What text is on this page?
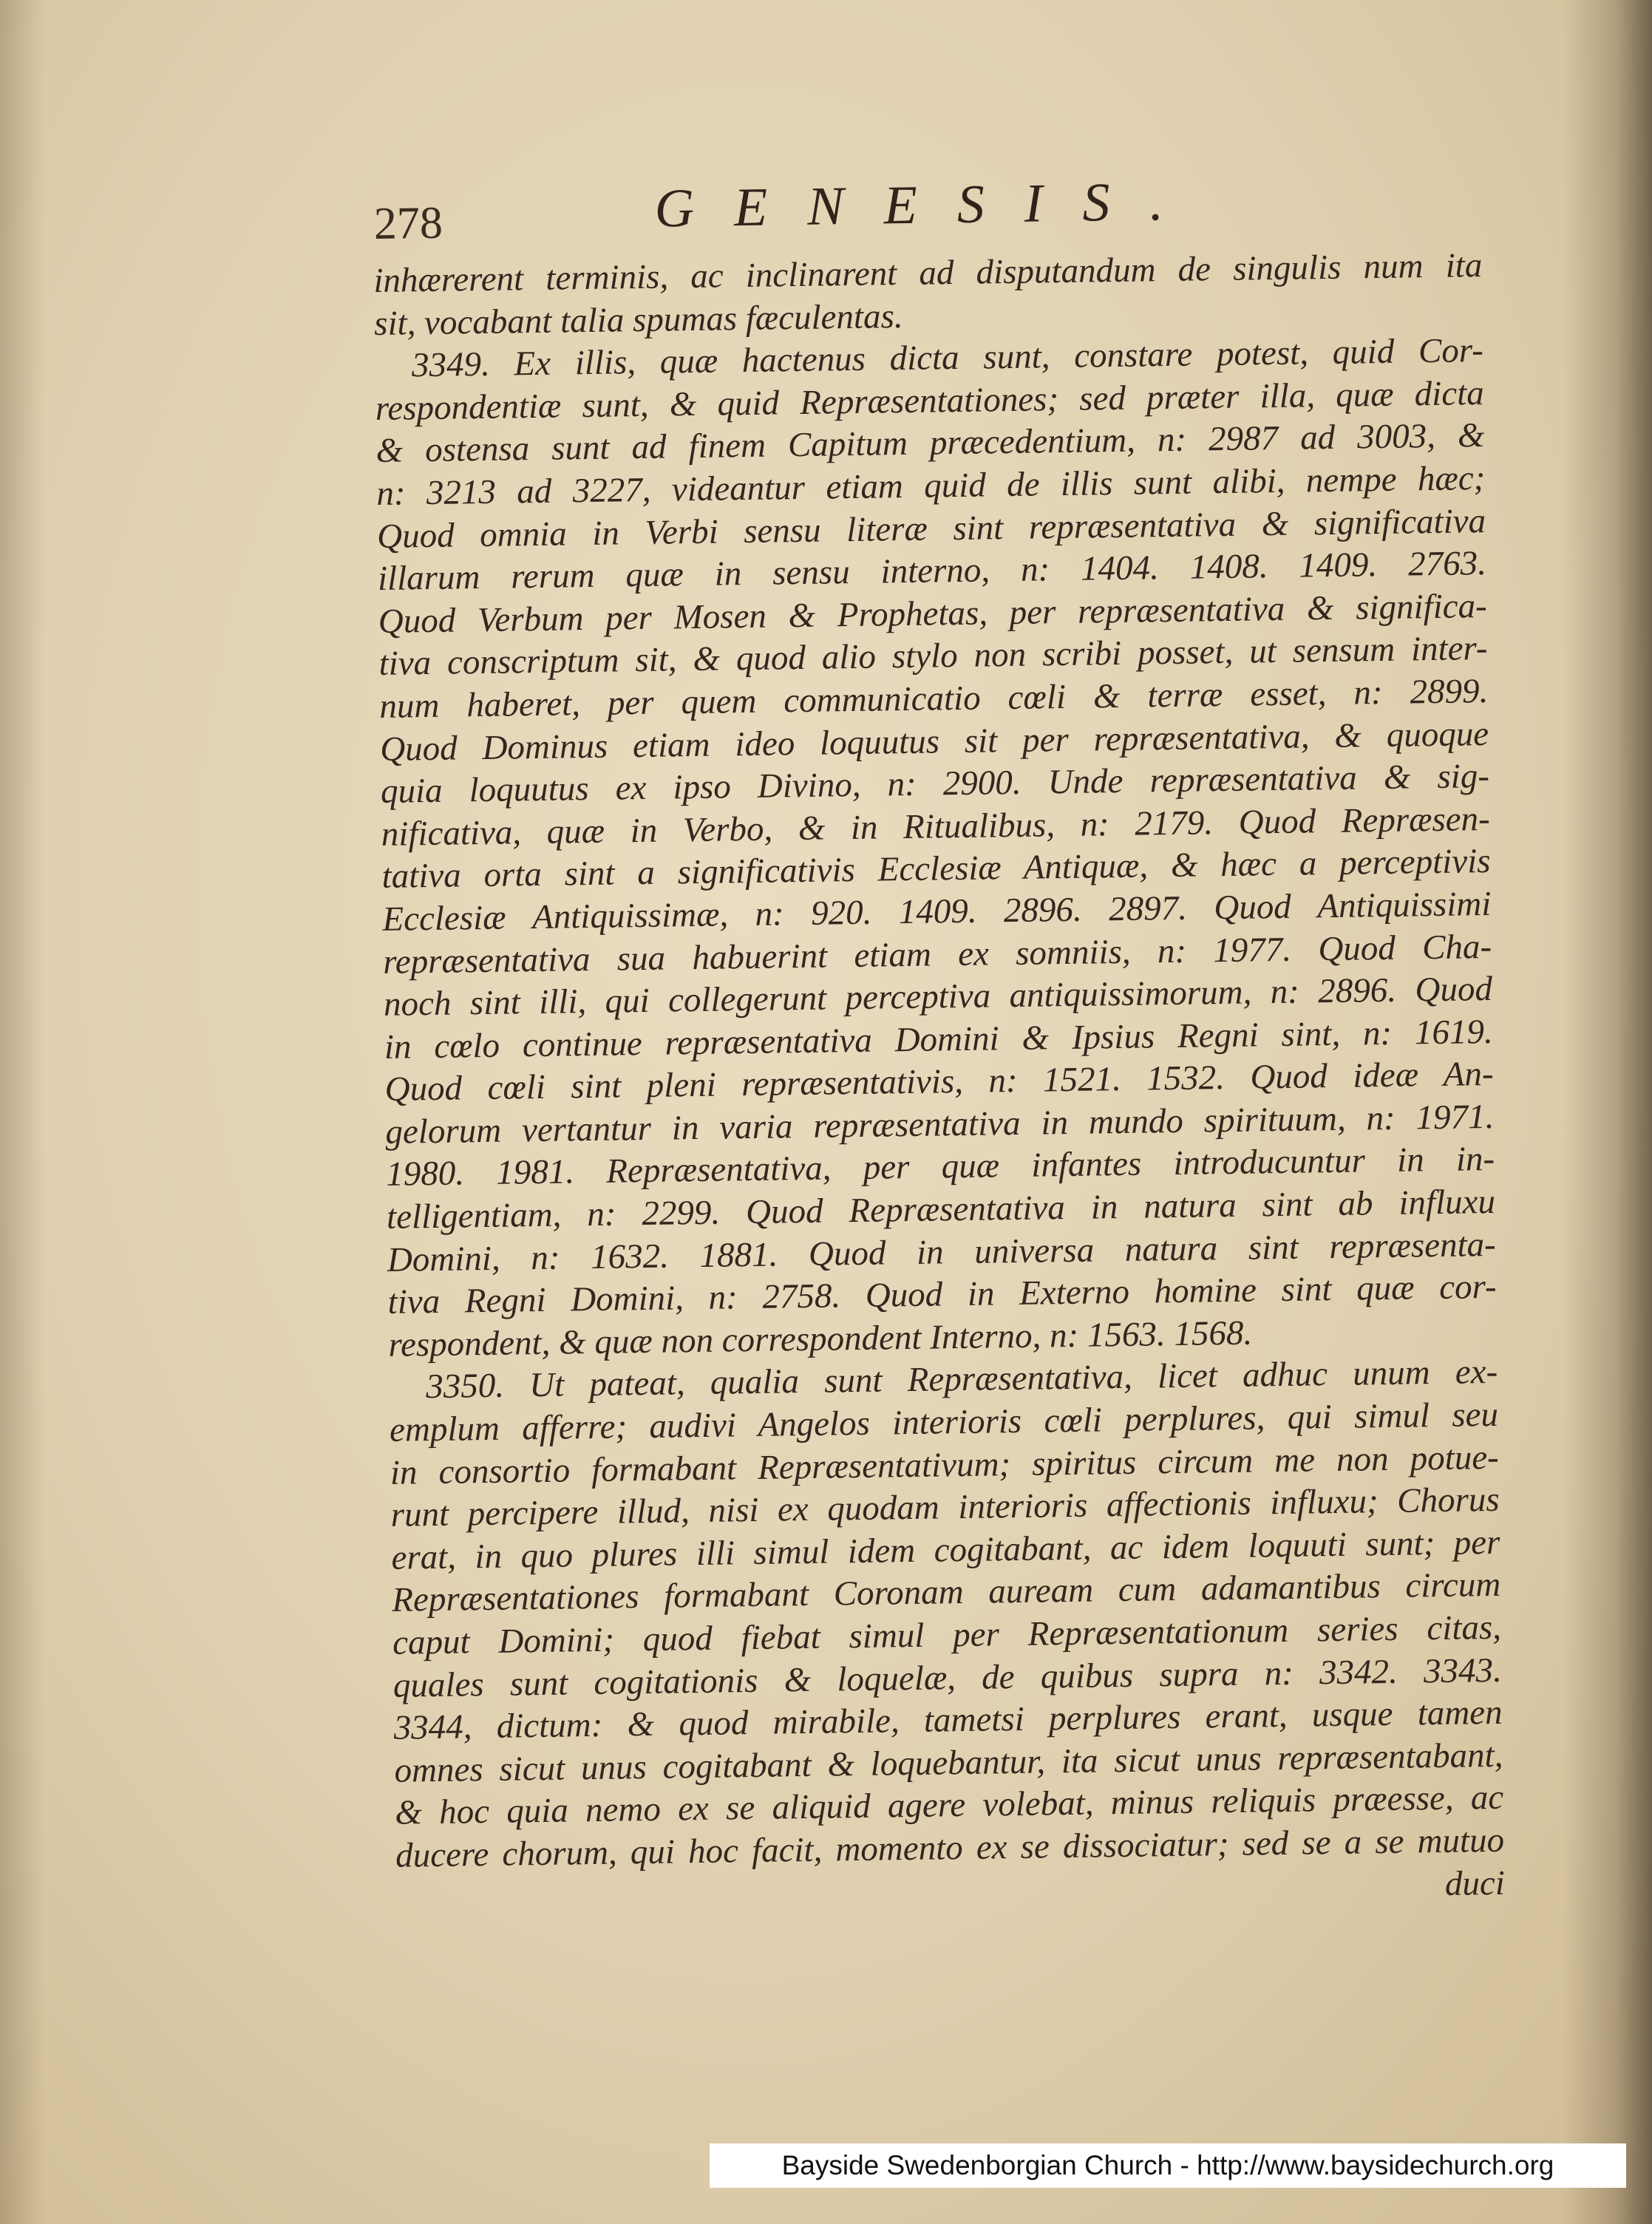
278	GENESIS.
inhærerent terminis, ac inclinarent ad disputandum de singulis num ita
sit, vocabant talia spumas fæculentas.
3349. Ex illis, quæ hactenus dicta sunt, constare potest, quid Cor-
respondentiæ sunt, & quid Repræsentationes; sed præter illa, quæ dicta
& ostensa sunt ad finem Capitum præcedentium, n: 2987 ad 3003, &
n: 3213 ad 3227, videantur etiam quid de illis sunt alibi, nempe hæc;
Quod omnia in Verbi sensu literæ sint repræsentativa & significativa
illarum rerum quæ in sensu interno, n: 1404. 1408. 1409. 2763.
Quod Verbum per Mosen & Prophetas, per repræsentativa & significa-
tiva conscriptum sit, & quod alio stylo non scribi posset, ut sensum inter-
num haberet, per quem communicatio cœli & terræ esset, n: 2899.
Quod Dominus etiam ideo loquutus sit per repræsentativa, & quoque
quia loquutus ex ipso Divino, n: 2900. Unde repræsentativa & sig-
nificativa, quæ in Verbo, & in Ritualibus, n: 2179. Quod Repræsen-
tativa orta sint a significativis Ecclesiæ Antiquæ, & hæc a perceptivis
Ecclesiæ Antiquissimæ, n: 920. 1409. 2896. 2897. Quod Antiquissimi
repræsentativa sua habuerint etiam ex somniis, n: 1977. Quod Cha-
noch sint illi, qui collegerunt perceptiva antiquissimorum, n: 2896. Quod
in cœlo continue repræsentativa Domini & Ipsius Regni sint, n: 1619.
Quod cœli sint pleni repræsentativis, n: 1521. 1532. Quod ideæ An-
gelorum vertantur in varia repræsentativa in mundo spirituum, n: 1971.
1980. 1981. Repræsentativa, per quæ infantes introducuntur in in-
telligentiam, n: 2299. Quod Repræsentativa in natura sint ab influxu
Domini, n: 1632. 1881. Quod in universa natura sint repræsenta-
tiva Regni Domini, n: 2758. Quod in Externo homine sint quæ cor-
respondent, & quæ non correspondent Interno, n: 1563. 1568.
3350. Ut pateat, qualia sunt Repræsentativa, licet adhuc unum ex-
emplum afferre; audivi Angelos interioris cœli perplures, qui simul seu
in consortio formabant Repræsentativum; spiritus circum me non potue-
runt percipere illud, nisi ex quodam interioris affectionis influxu; Chorus
erat, in quo plures illi simul idem cogitabant, ac idem loquuti sunt; per
Repræsentationes formabant Coronam auream cum adamantibus circum
caput Domini; quod fiebat simul per Repræsentationum series citas,
quales sunt cogitationis & loquelæ, de quibus supra n: 3342. 3343.
3344, dictum: & quod mirabile, tametsi perplures erant, usque tamen
omnes sicut unus cogitabant & loquebantur, ita sicut unus repræsentabant,
& hoc quia nemo ex se aliquid agere volebat, minus reliquis præesse, ac
ducere chorum, qui hoc facit, momento ex se dissociatur; sed se a se mutuo
duci
Bayside Swedenborgian Church - http://www.baysidechurch.org
